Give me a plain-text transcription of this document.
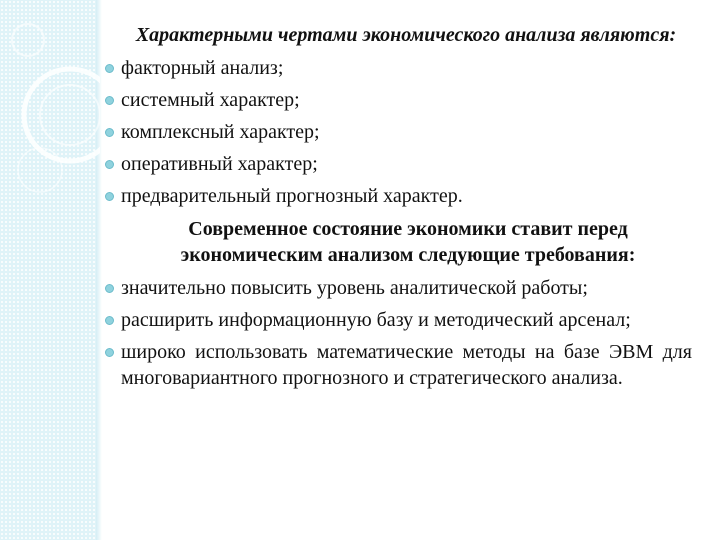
Характерными чертами экономического анализа являются:
факторный анализ;
системный характер;
комплексный характер;
оперативный характер;
предварительный прогнозный характер.
Современное состояние экономики ставит перед экономическим анализом следующие требования:
значительно повысить уровень аналитической работы;
расширить информационную базу и методический арсенал;
широко использовать математические методы на базе ЭВМ для многовариантного прогнозного и стратегического анализа.
